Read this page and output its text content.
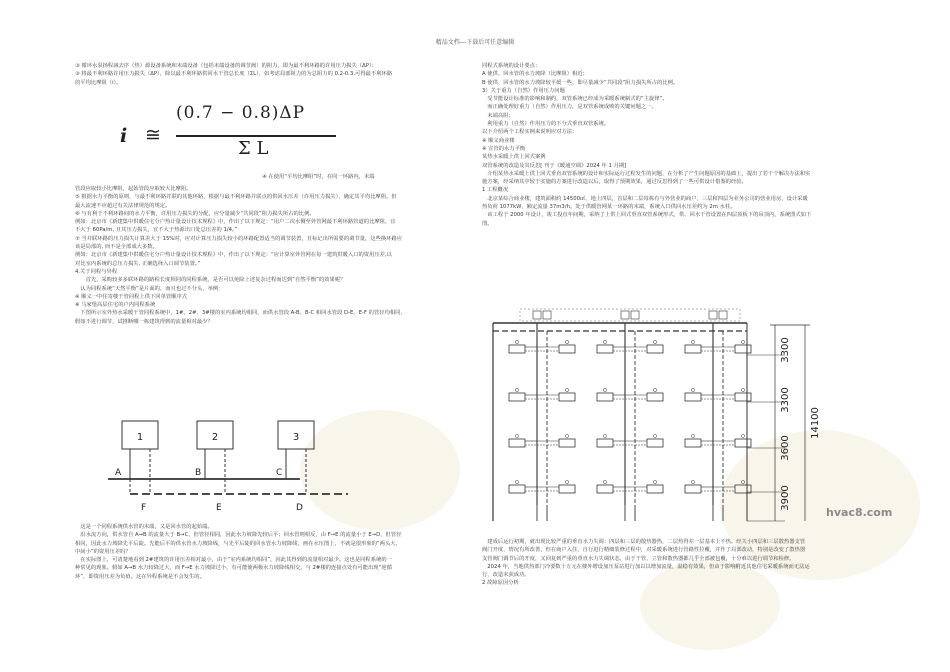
精品文档---下载后可任意编辑

③ 循环水泵扬程减去序（热）源设备系统和末端设备（包括末端设备的调节阀）的阻力，即为最不利环路的许用压力损失（ΔP）；

③ 将最不利环路许用压力损失（ΔP），除以最不利环路供回水干管总长度（ΣL），如考虑局部阻力的为总阻力的 0.2-0.3,可得最不利环路

的平均比摩阻（i）。

i ≅
(0.7 − 0.8)ΔP
Σ L
④ 在使用“平均比摩阻”时，在同一环路内，末端

管段应取较小比摩阻，起始管段应取较大比摩阻。

⑤ 根据水力平衡的原则，与最不利环路并联的其他环路，根据与最不利环路并联点的供回水压差（许用压力损失），确定其平均比摩阻。但

最大流速不应超过有关法律规范的规定。

⑥ 与有利于不利环路间的水力平衡，许用压力损失的分配，应分量减少“共同段”阻力损失所占的比例。

例如：北京市《新建集中供暖住宅分户热计量设计技术规程》中，作出了以下规定：“用户二次水侧至外管网最不利环路管道的比摩阻，宜

不大于 60Pa/m, 且其压力损失，宜不大于热源出口处总压差的 1/4。”

⑦ 当并联环路的压力损失计算差大于 15%时，应对计算压力损失较小的环路配置适当的调节装置，且标记出所需要的调节量，这些换环路应

该是局部的, 而不是全部成大多数。

例如：北京市《新建集中供暖住宅分户热计量设计技术规程》中，作出了以下规定：“应计算室外管网在每一建筑供暖入口的资用压差,以

对比室内系统的总压力损失, 正确选择入口调节装置。”

4.关于同程与异程

　　首先，采购较多多联环路的路程长度相同的同程系统，是否可以免除上述复杂过程而达到“自然平衡”的效果呢？

　认为同程系统“天然平衡”是片面的，而且也过不分头，举例:

※ 顺义一中住寄楼干管同程上供下回单管顺序式

※ 马家堡高层住宅的户内同程系统

　下图所示室外热水采暖干管同程系统中，1#、2#、3#楼的室内系统均相同，而供水管段 A-B、B-C 和回水管段 D-E、E-F 的管径均相同，

假如不进行调节，试推断哪一栋建筑得到的流量相对最少？

1	2	3
A	B	C
F	E	D

　这是一个同程系统供水管的末端，又是回水管的起始端。

　沿水流方向，供水管自 A→B 的流量大于 B→C，但管径相同，因此水力坡降先较后平；回水管则相反，由 F→E 的流量小于 E→D，但管径

相同，因此水力坡降先平后陡。先能后平的供水管水力坡降线，与先平后陡的回水管水力坡降线，画在水压图上，不就是很形象的“两头大，

中间小”的资用压差吗？

　在实际图上，可清楚地看到 2#建筑的许用压差相对最小，由于“室内系统均相同”，因此其得到的流量相对最少。这也是同程系统的一

种常见的现象。假如 A→B 水力较降过大，而 F→E 水力坡降过小，有可能使两极水力坡降线相交，与 2#楼的连接点处有可能出现“逆循

环”，即资用压差为负值。这在异程系统是不会发生的。

同程式系统的设计要点：

A 使供、回水管的水力坡降（比摩阻）相近；

B 使供、回水管的水力坡降较平缓一些，即尽量减少“共同段”阻力损失所占的比例。

3）关于重力（自然）作用压力问题

　受节能设计标准的影响和制约，双管系统已经成为采暖系统制式的“主旋律”。

　而正确处理好重力（自然）作用压力，是双管系统成败的关键问题之一。

　未端高阻；

　利用重力（自然）作用压力的下分式垂直双管系统。

以下介绍两个工程实例来说明应对方法：

※ 顺义商业楼

※ 宣管的水力平衡

某热水采暖上供上回式案例

双管系统的改造及其反思[ 刊于《暖通空调》2024 年 1 月期]

　介绍某热水采暖上供上回式垂直双管系统的设计和实际运行过程发生的问题，在分析了产生问题原因的基础上，提出了若干个解决办法和实

施方案，经采纳其中较于实施的方案进行改造以后，取得了预期效果，通过反思得到了一些可供设计借鉴的经验。

1 工程概况

　北京某综合商业楼，建筑面积约 14500㎡，地上四层，首层和二层每栋有与外营业的商户，三层和四层为业务公司的营业用房，设计采暖

热负荷 1077kW，额定流量 37m3/h。处于供暖管网某一环路的末端，系统入口供回水压差约为 2m 水柱。

　该工程于 2000 年设计，竣工投直年间期，采纳了上供上回式垂直双管系统形式，供、回水干管设置在四层顶板下的吊顶内，系统图式如下

图。

3300
3300
3600
3900
14100
hvac8.com

　建成后运行初期，就出现比较严重的垂直水力失调：四层和三层的散热器热，二层热得差一层基本上不热。经关小四层和三层散热器支管

阀门开度，情况有所改善，但在商户入住，自行进行精细装修过程中，对采暖系统进行管路性拉覆，并作了局部改动，特别是改变了散热器

支管阀门调节后的开度，又回复到严重的垂直水力失调状态，由于干管、立管和散热器都几乎全部被包覆，十分难以进行调节和检修。

　2024 年，当地供热部门冷要数十万元在楼外增设加压泵站进行加以以增加流量，温稳有效果，但由于影响附近其他住宅采暖系统而无法运

行，改造未获成功。

2 故障原因分析
